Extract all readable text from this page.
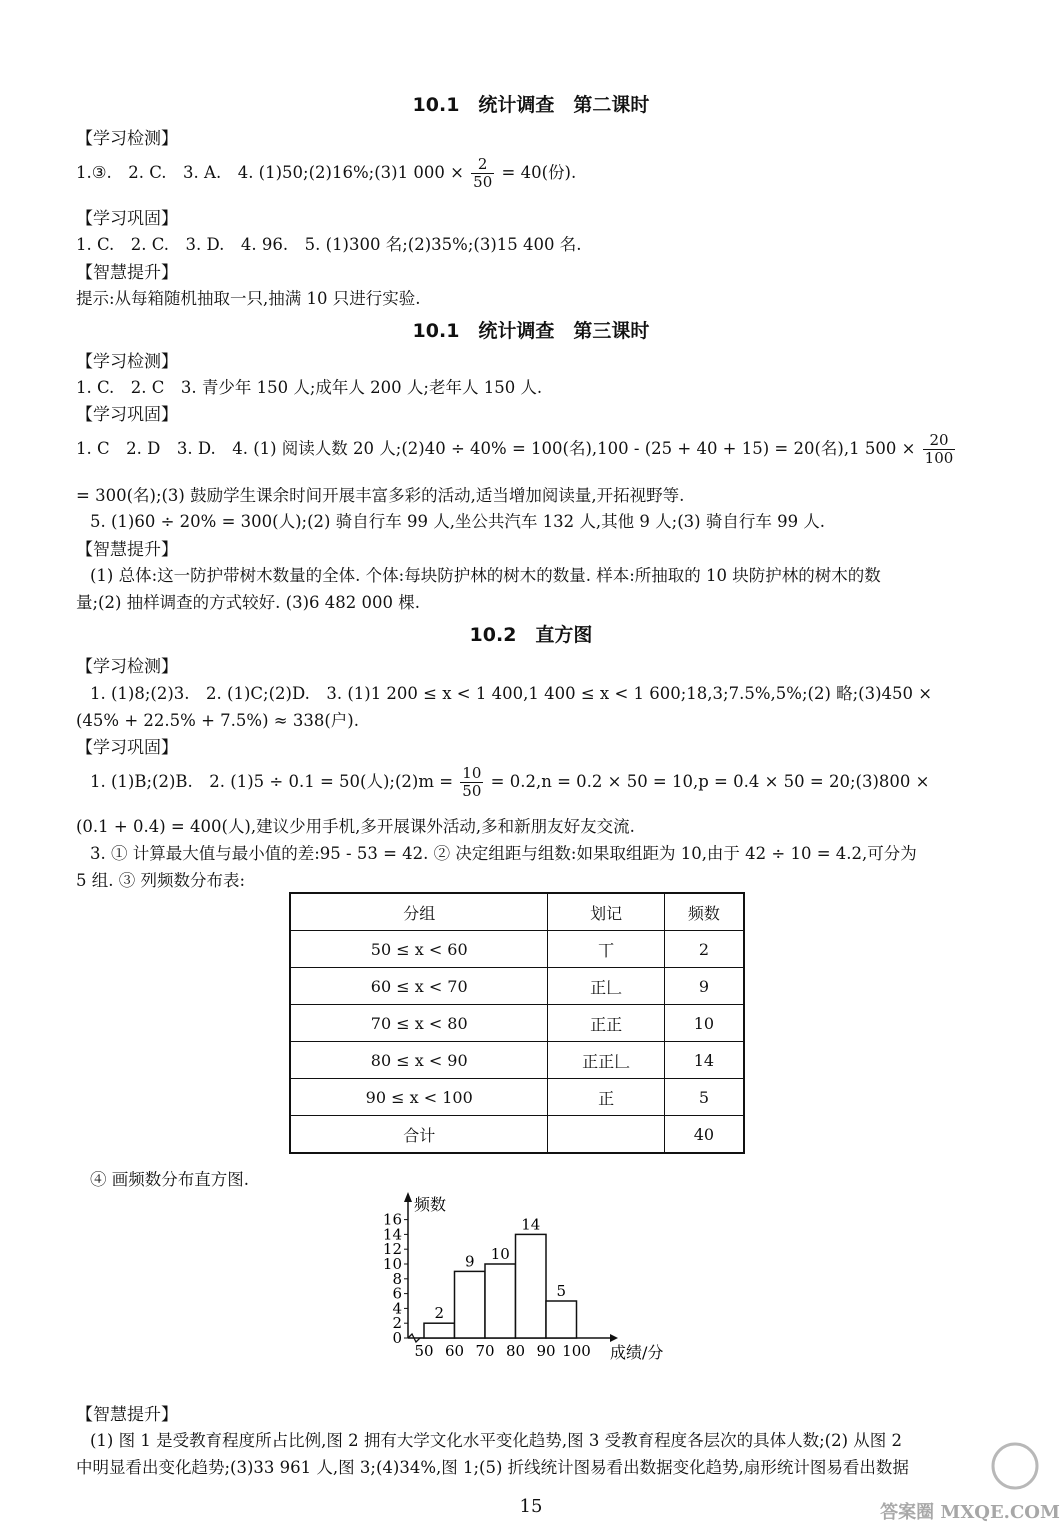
10.1　统计调查　第二课时
【学习检测】
1.③.　2. C.　3. A.　4. (1)50;(2)16%;(3)1 $000 \times \frac{2}{50} = 40$(份).
【学习巩固】
1. C.　2. C.　3. D.　4. 96.　5. (1)300 名;(2)35%;(3)15 400 名.
【智慧提升】
提示:从每箱随机抽取一只,抽满 10 只进行实验.
10.1　统计调查　第三课时
【学习检测】
1. C.　2. C　3. 青少年 150 人;成年人 200 人;老年人 150 人.
【学习巩固】
1. C　2. D　3. D.　4. (1) 阅读人数 20 人;(2)40 ÷ 40% = 100(名),100 - (25 + 40 + 15) = 20(名),1 $500 \times \frac{20}{100}$
= 300(名);(3) 鼓励学生课余时间开展丰富多彩的活动,适当增加阅读量,开拓视野等.
5. (1)60 ÷ 20% = 300(人);(2) 骑自行车 99 人,坐公共汽车 132 人,其他 9 人;(3) 骑自行车 99 人.
【智慧提升】
(1) 总体:这一防护带树木数量的全体. 个体:每块防护林的树木的数量. 样本:所抽取的 10 块防护林的树木的数
量;(2) 抽样调查的方式较好. (3)6 482 000 棵.
10.2　直方图
【学习检测】
1. (1)8;(2)3.　2. (1)C;(2)D.　3. (1)1 200 ≤ x < 1 400,1 400 ≤ x < 1 600;18,3;7.5%,5%;(2) 略;(3)450 ×
(45% + 22.5% + 7.5%) ≈ 338(户).
【学习巩固】
1. (1)B;(2)B.　2. (1)5 ÷ 0.1 = 50(人);(2)m = $\frac{10}{50} = 0.2,n = 0.2 \times 50 = 10,p = 0.4 \times 50$ = 20;(3)800 ×
(0.1 + 0.4) = 400(人),建议少用手机,多开展课外活动,多和新朋友好友交流.
3. ① 计算最大值与最小值的差:95 - 53 = 42. ② 决定组距与组数:如果取组距为 10,由于 42 ÷ 10 = 4.2,可分为
5 组. ③ 列频数分布表:
分组	划记	频数
50 ≤ x < 60	丅	2
60 ≤ x < 70	正𠃊	9
70 ≤ x < 80	正正	10
80 ≤ x < 90	正正𠃊	14
90 ≤ x < 100	正	5
合计		40
④ 画频数分布直方图.
0
2
4
6
8
10
12
14
16
50 60 70 80 90 100
2
9 10
14
5
频数
成绩/分
【智慧提升】
(1) 图 1 是受教育程度所占比例,图 2 拥有大学文化水平变化趋势,图 3 受教育程度各层次的具体人数;(2) 从图 2
中明显看出变化趋势;(3)33 961 人,图 3;(4)34%,图 1;(5) 折线统计图易看出数据变化趋势,扇形统计图易看出数据
15	答案圈 MXQE.COM
